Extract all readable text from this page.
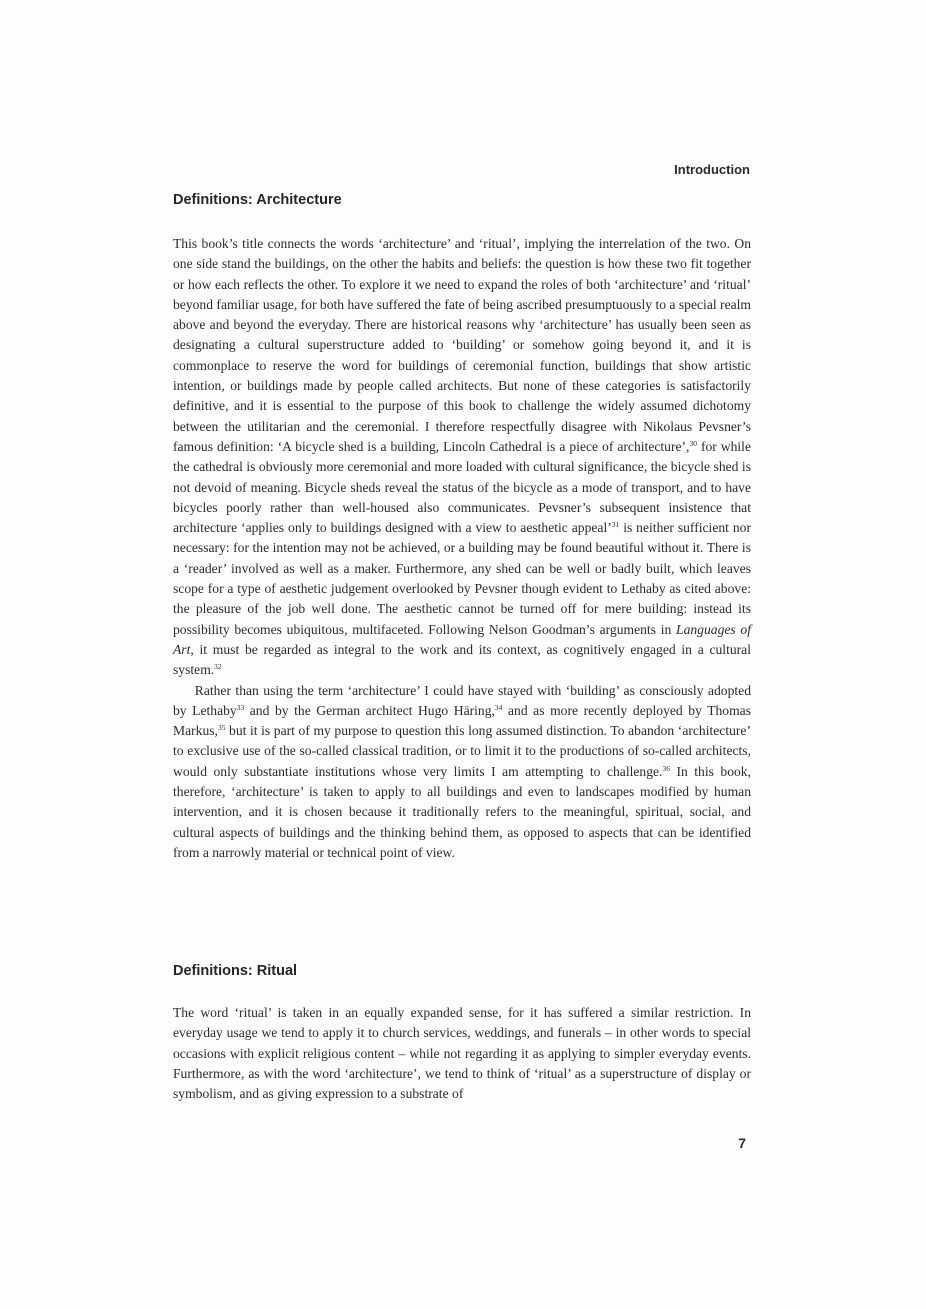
Introduction
Definitions: Architecture

This book’s title connects the words ‘architecture’ and ‘ritual’, implying the interrelation of the two. On one side stand the buildings, on the other the habits and beliefs: the question is how these two fit together or how each reflects the other. To explore it we need to expand the roles of both ‘architecture’ and ‘ritual’ beyond familiar usage, for both have suffered the fate of being ascribed presumptuously to a special realm above and beyond the everyday. There are historical reasons why ‘architecture’ has usually been seen as designating a cultural superstructure added to ‘building’ or somehow going beyond it, and it is commonplace to reserve the word for buildings of ceremonial function, buildings that show artistic intention, or buildings made by people called architects. But none of these categories is satisfactorily definitive, and it is essential to the purpose of this book to challenge the widely assumed dichotomy between the utilitarian and the ceremonial. I therefore respectfully disagree with Nikolaus Pevsner’s famous definition: ‘A bicycle shed is a building, Lincoln Cathedral is a piece of architecture’,$^{30}$ for while the cathedral is obviously more ceremonial and more loaded with cultural significance, the bicycle shed is not devoid of meaning. Bicycle sheds reveal the status of the bicycle as a mode of transport, and to have bicycles poorly rather than well-housed also communicates. Pevsner’s subsequent insistence that architecture ‘applies only to buildings designed with a view to aesthetic appeal’$^{31}$ is neither sufficient nor necessary: for the intention may not be achieved, or a building may be found beautiful without it. There is a ‘reader’ involved as well as a maker. Furthermore, any shed can be well or badly built, which leaves scope for a type of aesthetic judgement overlooked by Pevsner though evident to Lethaby as cited above: the pleasure of the job well done. The aesthetic cannot be turned off for mere building: instead its possibility becomes ubiquitous, multifaceted. Following Nelson Goodman’s arguments in Languages of Art, it must be regarded as integral to the work and its context, as cognitively engaged in a cultural system.$^{32}$

Rather than using the term ‘architecture’ I could have stayed with ‘building’ as consciously adopted by Lethaby$^{33}$ and by the German architect Hugo Häring,$^{34}$ and as more recently deployed by Thomas Markus,$^{35}$ but it is part of my purpose to question this long assumed distinction. To abandon ‘architecture’ to exclusive use of the so-called classical tradition, or to limit it to the productions of so-called architects, would only substantiate institutions whose very limits I am attempting to challenge.$^{36}$ In this book, therefore, ‘architecture’ is taken to apply to all buildings and even to landscapes modified by human intervention, and it is chosen because it traditionally refers to the meaningful, spiritual, social, and cultural aspects of buildings and the thinking behind them, as opposed to aspects that can be identified from a narrowly material or technical point of view.

Definitions: Ritual

The word ‘ritual’ is taken in an equally expanded sense, for it has suffered a similar restriction. In everyday usage we tend to apply it to church services, weddings, and funerals – in other words to special occasions with explicit religious content – while not regarding it as applying to simpler everyday events. Furthermore, as with the word ‘architecture’, we tend to think of ‘ritual’ as a superstructure of display or symbolism, and as giving expression to a substrate of

7
